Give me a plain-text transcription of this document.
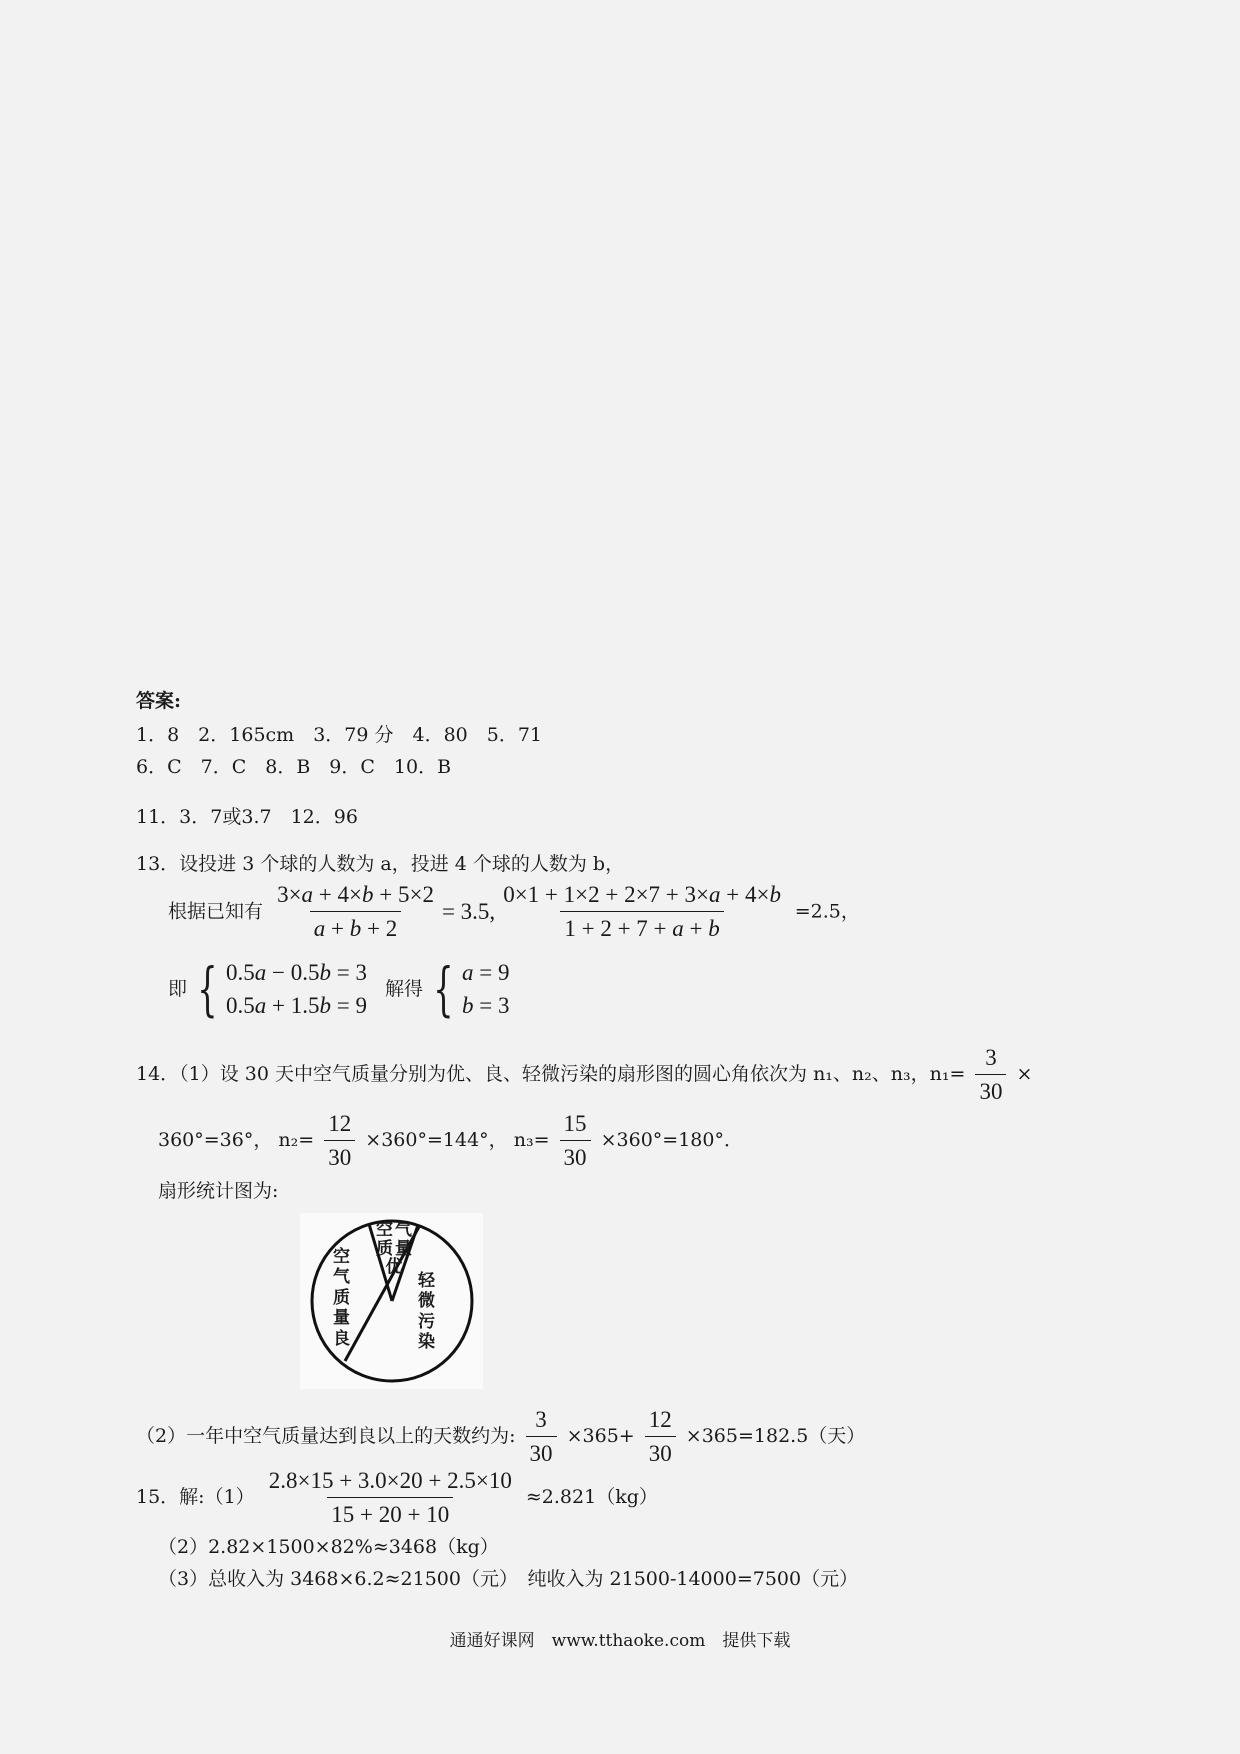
答案:
1．8　2．165cm　3．79 分　4．80　5．71
6．C　7．C　8．B　9．C　10．B
11．3．7或3.7　12．96
13．设投进 3 个球的人数为 a，投进 4 个球的人数为 b，
根据已知有 $\frac{3\times a + 4\times b + 5\times 2}{a + b + 2} = 3.5$, $\frac{0\times 1 + 1\times 2 + 2\times 7 + 3\times a + 4\times b}{1 + 2 + 7 + a + b} =2.5$，
即 { 0.5a − 0.5b = 3
0.5a + 1.5b = 9
解得 { a = 9
b = 3
14．（1）设 30 天中空气质量分别为优、良、轻微污染的扇形图的圆心角依次为 n₁、n₂、n₃，$n_1= \frac{3}{30}$ ×
360°=36°， $n_2= \frac{12}{30} \times 360^\circ=144^\circ$， $n_3= \frac{15}{30} \times 360^\circ=180^\circ$．
扇形统计图为:
空气质量优
空气质量良
轻微污染
（2）一年中空气质量达到良以上的天数约为: $\frac{3}{30} \times 365+ \frac{12}{30} \times 365=182.5$（天）
15．解:（1） $\frac{2.8\times 15 + 3.0\times 20 + 2.5\times 10}{15 + 20 + 10} \approx 2.821(kg)$
（2）2.82×1500×82%≈3468（kg）
（3）总收入为 3468×6.2≈21500（元）　纯收入为 21500-14000=7500（元）
通通好课网　www.tthaoke.com　提供下载
